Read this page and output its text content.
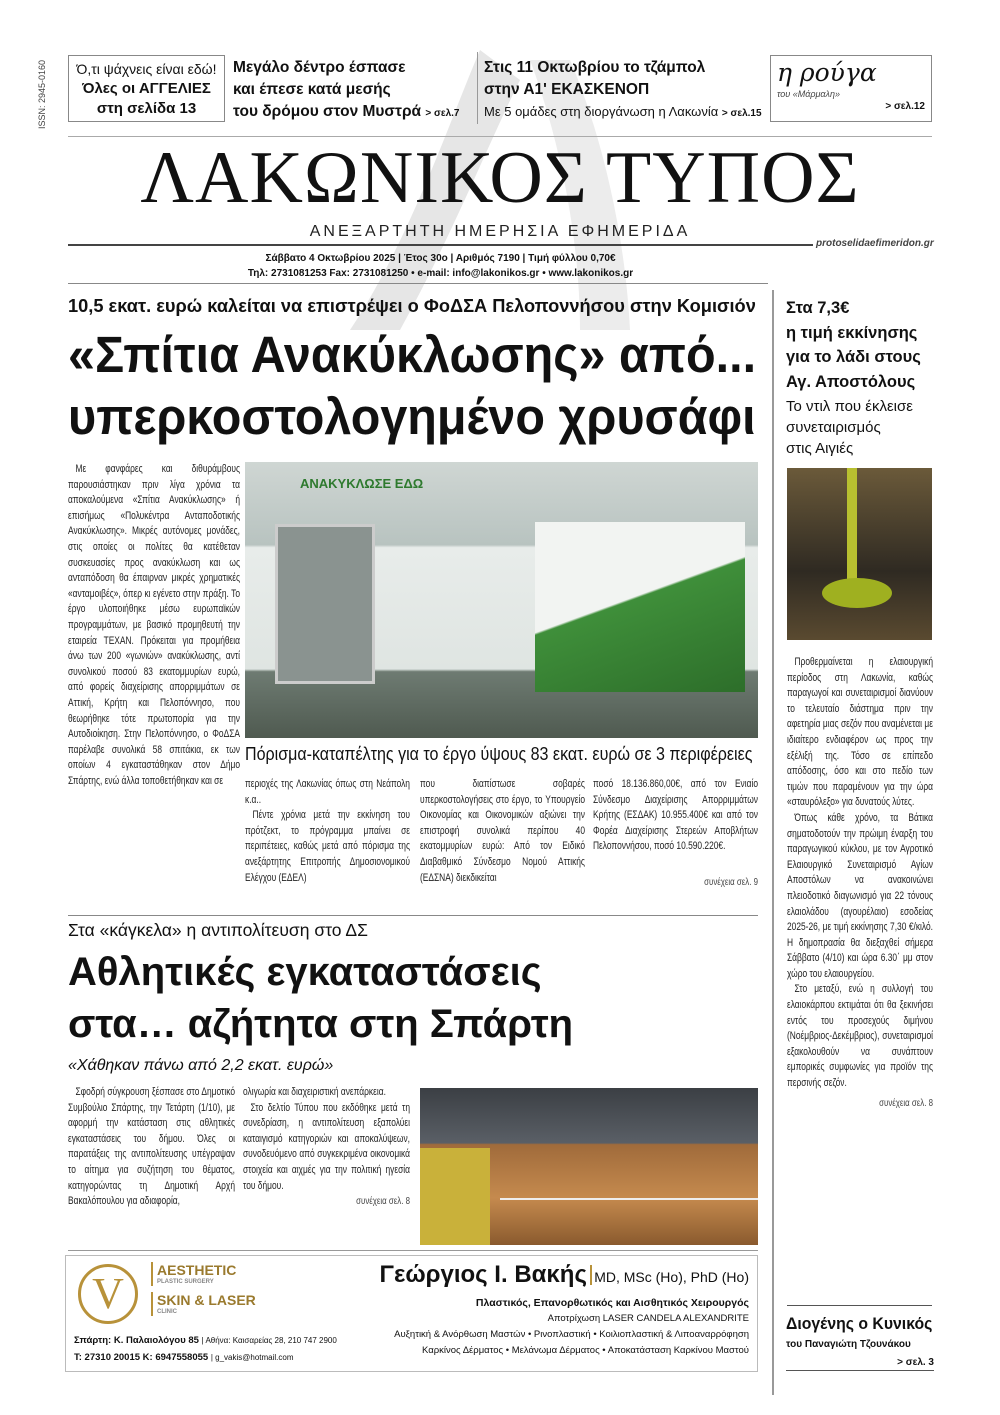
ISSN: 2945-0160 Ό,τι ψάχνεις είναι εδώ!
Όλες οι ΑΓΓΕΛΙΕΣ
στη σελίδα 13
Μεγάλο δέντρο έσπασε
και έπεσε κατά μεσής
του δρόμου στον Μυστρά > σελ.7
Στις 11 Οκτωβρίου το τζάμπολ
στην Α1' ΕΚΑΣΚΕΝΟΠ
Με 5 ομάδες στη διοργάνωση η Λακωνία > σελ.15
η ρούγα
του «Μάρμαλη»
> σελ.12
ΛΑΚΩΝΙΚΟΣ ΤΥΠΟΣ
ΑΝΕΞΑΡΤΗΤΗ ΗΜΕΡΗΣΙΑ ΕΦΗΜΕΡΙΔΑ
protoselidaefimeridon.gr
Σάββατο 4 Οκτωβρίου 2025 | Έτος 30ο | Αριθμός 7190 | Τιμή φύλλου 0,70€
Τηλ: 2731081253 Fax: 2731081250 • e-mail: info@lakonikos.gr • www.lakonikos.gr
10,5 εκατ. ευρώ καλείται να επιστρέψει ο ΦοΔΣΑ Πελοποννήσου στην Κομισιόν
«Σπίτια Ανακύκλωσης» από...
υπερκοστολογημένο χρυσάφι

Με φανφάρες και διθυράμβους παρουσιάστηκαν πριν λίγα χρόνια τα αποκαλούμενα «Σπίτια Ανακύκλωσης» ή επισήμως «Πολυκέντρα Ανταποδοτικής Ανακύκλωσης». Μικρές αυτόνομες μονάδες, στις οποίες οι πολίτες θα κατέθεταν συσκευασίες προς ανακύκλωση και ως ανταπόδοση θα έπαιρναν μικρές χρηματικές «ανταμοιβές», όπερ κι εγένετο στην πράξη. Το έργο υλοποιήθηκε μέσω ευρωπαϊκών προγραμμάτων, με βασικό προμηθευτή την εταιρεία TEXAN. Πρόκειται για προμήθεια άνω των 200 «γωνιών» ανακύκλωσης, αντί συνολικού ποσού 83 εκατομμυρίων ευρώ, από φορείς διαχείρισης απορριμμάτων σε Αττική, Κρήτη και Πελοπόννησο, που θεωρήθηκε τότε πρωτοπορία για την Αυτοδιοίκηση. Στην Πελοπόννησο, ο ΦοΔΣΑ παρέλαβε συνολικά 58 σπιτάκια, εκ των οποίων 4 εγκαταστάθηκαν στον Δήμο Σπάρτης, ενώ άλλα τοποθετήθηκαν και σε

ΑΝΑΚΥΚΛΩΣΕ ΕΔΩ
Πόρισμα-καταπέλτης για το έργο ύψους 83 εκατ. ευρώ σε 3 περιφέρειες

περιοχές της Λακωνίας όπως στη Νεάπολη κ.α..

Πέντε χρόνια μετά την εκκίνηση του πρότζεκτ, το πρόγραμμα μπαίνει σε περιπέτειες, καθώς μετά από πόρισμα της ανεξάρτητης Επιτροπής Δημοσιονομικού Ελέγχου (ΕΔΕΛ)

που διαπίστωσε σοβαρές υπερκοστολογήσεις στο έργο, το Υπουργείο Οικονομίας και Οικονομικών αξιώνει την επιστροφή συνολικά περίπου 40 εκατομμυρίων ευρώ: Από τον Ειδικό Διαβαθμικό Σύνδεσμο Νομού Αττικής (ΕΔΣΝΑ) διεκδικείται

ποσό 18.136.860,00€, από τον Ενιαίο Σύνδεσμο Διαχείρισης Απορριμμάτων Κρήτης (ΕΣΔΑΚ) 10.955.400€ και από τον Φορέα Διαχείρισης Στερεών Αποβλήτων Πελοποννήσου, ποσό 10.590.220€.

συνέχεια σελ. 9
Στα «κάγκελα» η αντιπολίτευση στο ΔΣ
Αθλητικές εγκαταστάσεις
στα… αζήτητα στη Σπάρτη
«Χάθηκαν πάνω από 2,2 εκατ. ευρώ»

Σφοδρή σύγκρουση ξέσπασε στο Δημοτικό Συμβούλιο Σπάρτης, την Τετάρτη (1/10), με αφορμή την κατάσταση στις αθλητικές εγκαταστάσεις του δήμου. Όλες οι παρατάξεις της αντιπολίτευσης υπέγραψαν το αίτημα για συζήτηση του θέματος, κατηγορώντας τη Δημοτική Αρχή Βακαλόπουλου για αδιαφορία,

ολιγωρία και διαχειριστική ανεπάρκεια.

Στο δελτίο Τύπου που εκδόθηκε μετά τη συνεδρίαση, η αντιπολίτευση εξαπολύει καταιγισμό κατηγοριών και αποκαλύψεων, συνοδευόμενο από συγκεκριμένα οικονομικά στοιχεία και αιχμές για την πολιτική ηγεσία του δήμου.

συνέχεια σελ. 8
V	AESTHETIC
PLASTIC SURGERY
SKIN & LASER
CLINIC
Σπάρτη: Κ. Παλαιολόγου 85 | Αθήνα: Καισαρείας 28, 210 747 2900
Τ: 27310 20015 Κ: 6947558055 | g_vakis@hotmail.com
Γεώργιος Ι. Βακής MD, MSc (Ho), PhD (Ho)
Πλαστικός, Επανορθωτικός και Αισθητικός Χειρουργός
Αποτρίχωση LASER CANDELA ALEXANDRITE
Αυξητική & Ανόρθωση Μαστών • Ρινοπλαστική • Κοιλιοπλαστική & Λιποαναρρόφηση
Καρκίνος Δέρματος • Μελάνωμα Δέρματος • Αποκατάσταση Καρκίνου Μαστού
Στα 7,3€
η τιμή εκκίνησης
για το λάδι στους
Αγ. Αποστόλους
Το ντιλ που έκλεισε
συνεταιρισμός
στις Αιγιές

Προθερμαίνεται η ελαιουργική περίοδος στη Λακωνία, καθώς παραγωγοί και συνεταιρισμοί διανύουν το τελευταίο διάστημα πριν την αφετηρία μιας σεζόν που αναμένεται με ιδιαίτερο ενδιαφέρον ως προς την εξέλιξή της. Τόσο σε επίπεδο απόδοσης, όσο και στο πεδίο των τιμών που παραμένουν για την ώρα «σταυρόλεξο» για δυνατούς λύτες.

Όπως κάθε χρόνο, τα Βάτικα σηματοδοτούν την πρώιμη έναρξη του παραγωγικού κύκλου, με τον Αγροτικό Ελαιουργικό Συνεταιρισμό Αγίων Αποστόλων να ανακοινώνει πλειοδοτικό διαγωνισμό για 22 τόνους ελαιολάδου (αγουρέλαιο) εσοδείας 2025-26, με τιμή εκκίνησης 7,30 €/κιλό. Η δημοπρασία θα διεξαχθεί σήμερα Σάββατο (4/10) και ώρα 6.30΄ μμ στον χώρο του ελαιουργείου.

Στο μεταξύ, ενώ η συλλογή του ελαιοκάρπου εκτιμάται ότι θα ξεκινήσει εντός του προσεχούς διμήνου (Νοέμβριος-Δεκέμβριος), συνεταιρισμοί εξακολουθούν να συνάπτουν εμπορικές συμφωνίες για προϊόν της περσινής σεζόν.

συνέχεια σελ. 8
Διογένης ο Κυνικός
του Παναγιώτη Τζουνάκου
> σελ. 3
